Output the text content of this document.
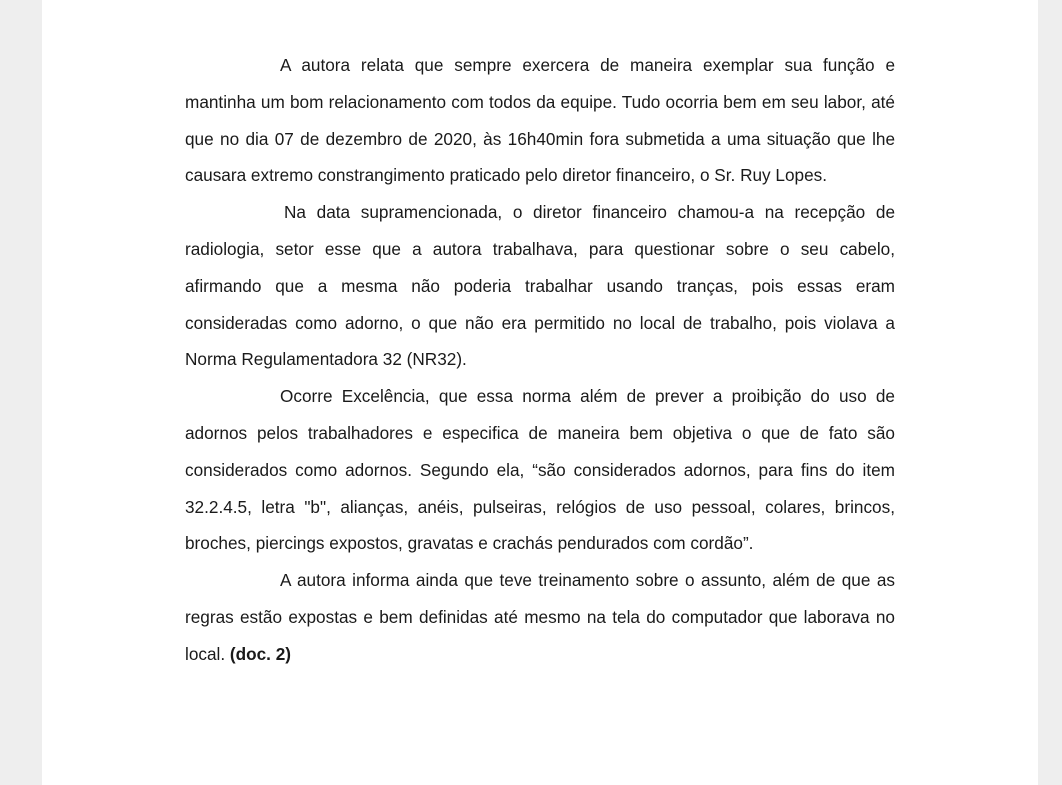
A autora relata que sempre exercera de maneira exemplar sua função e mantinha um bom relacionamento com todos da equipe. Tudo ocorria bem em seu labor, até que no dia 07 de dezembro de 2020, às 16h40min fora submetida a uma situação que lhe causara extremo constrangimento praticado pelo diretor financeiro, o Sr. Ruy Lopes.

Na data supramencionada, o diretor financeiro chamou-a na recepção de radiologia, setor esse que a autora trabalhava, para questionar sobre o seu cabelo, afirmando que a mesma não poderia trabalhar usando tranças, pois essas eram consideradas como adorno, o que não era permitido no local de trabalho, pois violava a Norma Regulamentadora 32 (NR32).

Ocorre Excelência, que essa norma além de prever a proibição do uso de adornos pelos trabalhadores e especifica de maneira bem objetiva o que de fato são considerados como adornos. Segundo ela, “são considerados adornos, para fins do item 32.2.4.5, letra "b", alianças, anéis, pulseiras, relógios de uso pessoal, colares, brincos, broches, piercings expostos, gravatas e crachás pendurados com cordão”.

A autora informa ainda que teve treinamento sobre o assunto, além de que as regras estão expostas e bem definidas até mesmo na tela do computador que laborava no local. (doc. 2)
